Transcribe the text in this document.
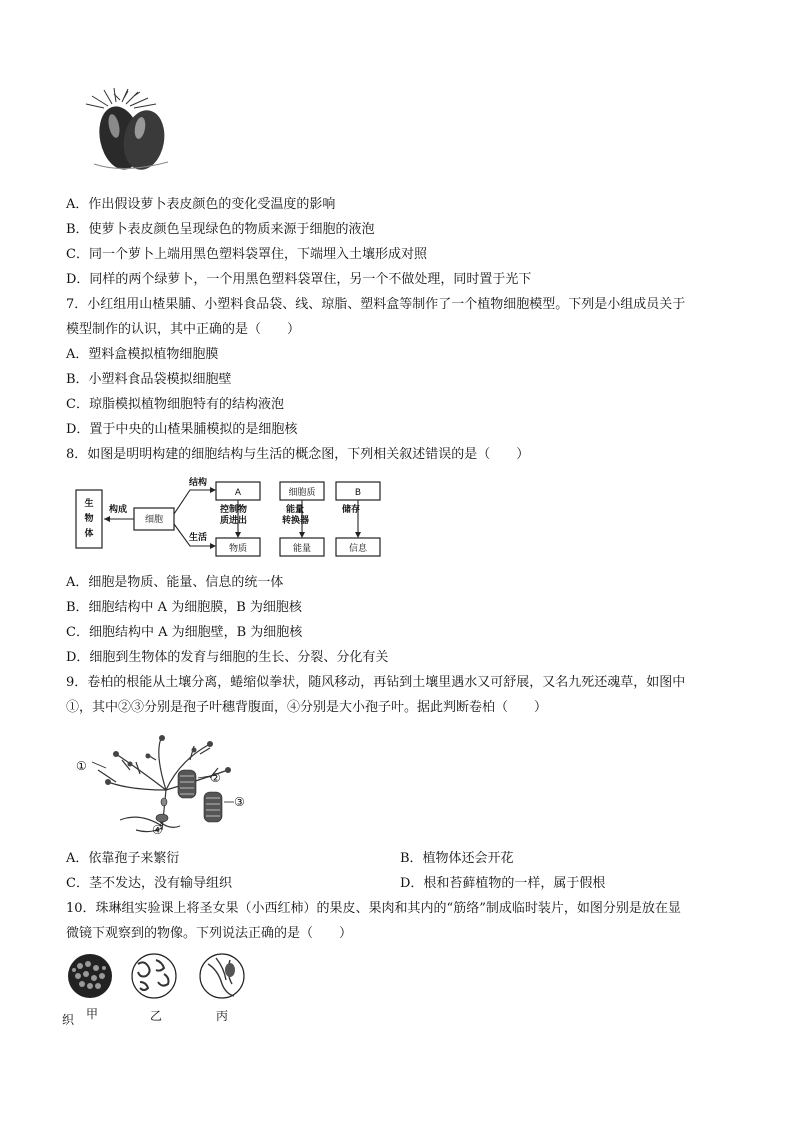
A．作出假设萝卜表皮颜色的变化受温度的影响
B．使萝卜表皮颜色呈现绿色的物质来源于细胞的液泡
C．同一个萝卜上端用黑色塑料袋罩住，下端埋入土壤形成对照
D．同样的两个绿萝卜，一个用黑色塑料袋罩住，另一个不做处理，同时置于光下
7．小红组用山楂果脯、小塑料食品袋、线、琼脂、塑料盒等制作了一个植物细胞模型。下列是小组成员关于
模型制作的认识，其中正确的是（　　）
A．塑料盒模拟植物细胞膜
B．小塑料食品袋模拟细胞壁
C．琼脂模拟植物细胞特有的结构液泡
D．置于中央的山楂果脯模拟的是细胞核
8．如图是明明构建的细胞结构与生活的概念图，下列相关叙述错误的是（　　）
生
物
体
构成
细胞
结构
生活
A	细胞质	B
控制物
质进出
能量
转换器
储存
物质	能量	信息
A．细胞是物质、能量、信息的统一体
B．细胞结构中 A 为细胞膜，B 为细胞核
C．细胞结构中 A 为细胞壁，B 为细胞核
D．细胞到生物体的发育与细胞的生长、分裂、分化有关
9．卷柏的根能从土壤分离，蜷缩似拳状，随风移动，再钻到土壤里遇水又可舒展，又名九死还魂草，如图中
①，其中②③分别是孢子叶穗背腹面，④分别是大小孢子叶。据此判断卷柏（　　）
①
②
③
④
A．依靠孢子来繁衍	B．植物体还会开花
C．茎不发达，没有输导组织	D．根和苔藓植物的一样，属于假根
10．珠琳组实验课上将圣女果（小西红柿）的果皮、果肉和其内的“筋络”制成临时装片，如图分别是放在显
微镜下观察到的物像。下列说法正确的是（　　）
织 甲	乙	丙
